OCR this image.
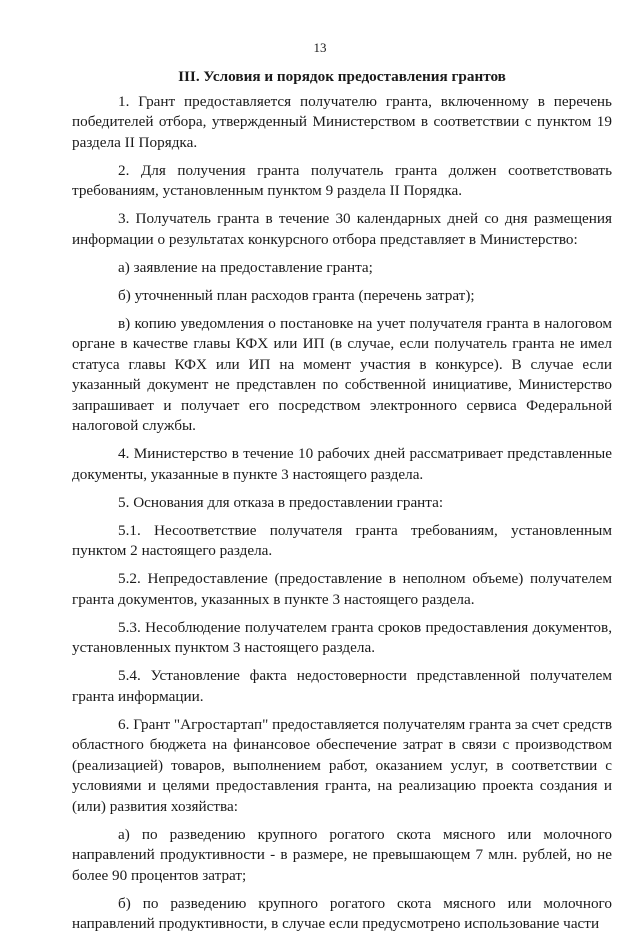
13
III. Условия и порядок предоставления грантов

1. Грант предоставляется получателю гранта, включенному в перечень победителей отбора, утвержденный Министерством в соответствии с пунктом 19 раздела II Порядка.

2. Для получения гранта получатель гранта должен соответствовать требованиям, установленным пунктом 9 раздела II Порядка.

3. Получатель гранта в течение 30 календарных дней со дня размещения информации о результатах конкурсного отбора представляет в Министерство:

а) заявление на предоставление гранта;

б) уточненный план расходов гранта (перечень затрат);

в) копию уведомления о постановке на учет получателя гранта в налоговом органе в качестве главы КФХ или ИП (в случае, если получатель гранта не имел статуса главы КФХ или ИП на момент участия в конкурсе). В случае если указанный документ не представлен по собственной инициативе, Министерство запрашивает и получает его посредством электронного сервиса Федеральной налоговой службы.

4. Министерство в течение 10 рабочих дней рассматривает представленные документы, указанные в пункте 3 настоящего раздела.

5. Основания для отказа в предоставлении гранта:

5.1. Несоответствие получателя гранта требованиям, установленным пунктом 2 настоящего раздела.

5.2. Непредоставление (предоставление в неполном объеме) получателем гранта документов, указанных в пункте 3 настоящего раздела.

5.3. Несоблюдение получателем гранта сроков предоставления документов, установленных пунктом 3 настоящего раздела.

5.4. Установление факта недостоверности представленной получателем гранта информации.

6. Грант "Агростартап" предоставляется получателям гранта за счет средств областного бюджета на финансовое обеспечение затрат в связи с производством (реализацией) товаров, выполнением работ, оказанием услуг, в соответствии с условиями и целями предоставления гранта, на реализацию проекта создания и (или) развития хозяйства:

а) по разведению крупного рогатого скота мясного или молочного направлений продуктивности - в размере, не превышающем 7 млн. рублей, но не более 90 процентов затрат;

б) по разведению крупного рогатого скота мясного или молочного направлений продуктивности, в случае если предусмотрено использование части
